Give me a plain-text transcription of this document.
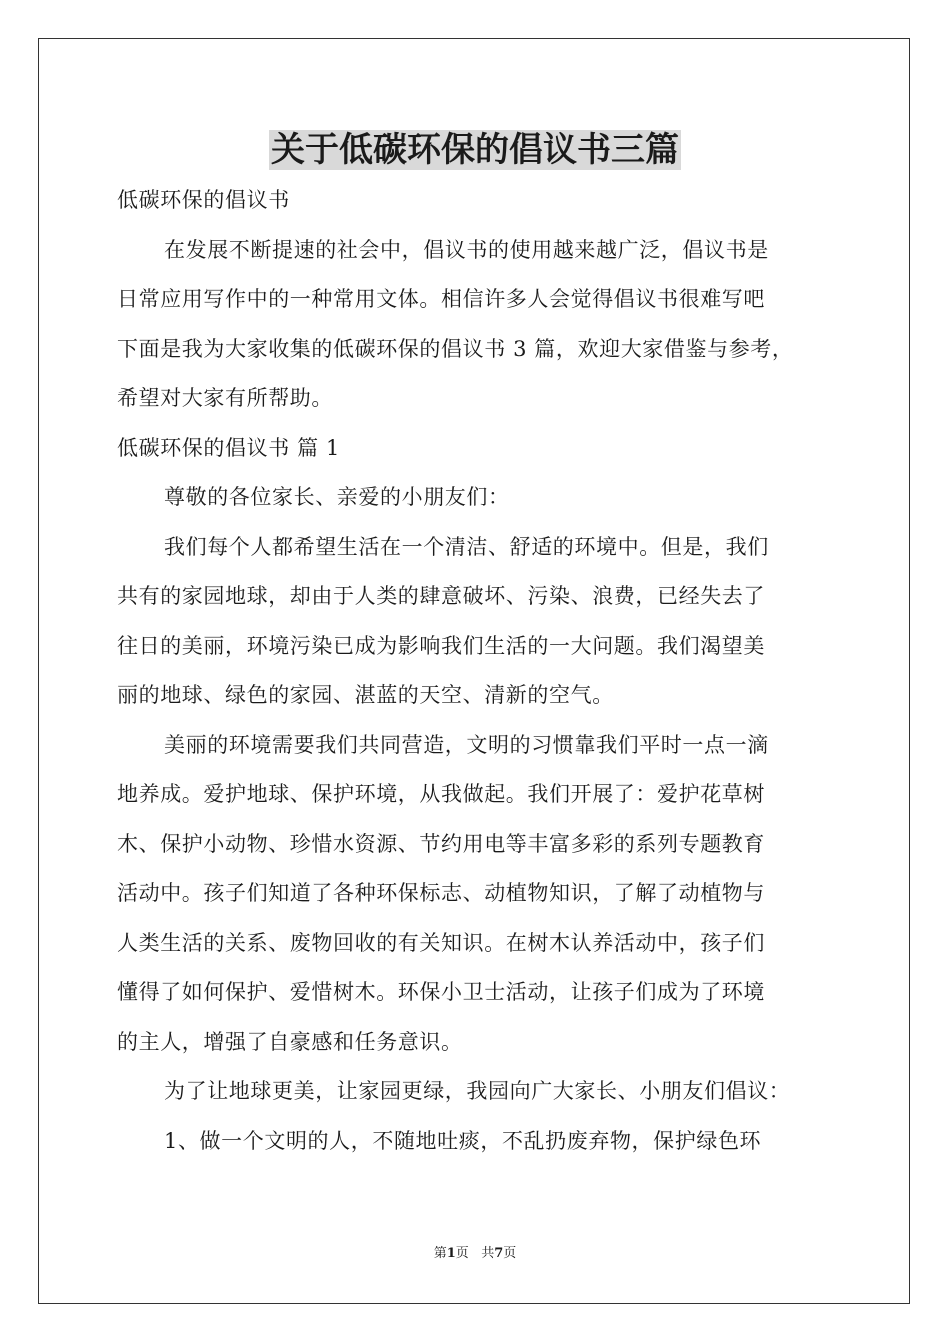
关于低碳环保的倡议书三篇
低碳环保的倡议书
在发展不断提速的社会中，倡议书的使用越来越广泛，倡议书是
日常应用写作中的一种常用文体。相信许多人会觉得倡议书很难写吧
下面是我为大家收集的低碳环保的倡议书 3 篇，欢迎大家借鉴与参考，
希望对大家有所帮助。
低碳环保的倡议书 篇 1
尊敬的各位家长、亲爱的小朋友们：
我们每个人都希望生活在一个清洁、舒适的环境中。但是，我们
共有的家园地球，却由于人类的肆意破坏、污染、浪费，已经失去了
往日的美丽，环境污染已成为影响我们生活的一大问题。我们渴望美
丽的地球、绿色的家园、湛蓝的天空、清新的空气。
美丽的环境需要我们共同营造，文明的习惯靠我们平时一点一滴
地养成。爱护地球、保护环境，从我做起。我们开展了：爱护花草树
木、保护小动物、珍惜水资源、节约用电等丰富多彩的系列专题教育
活动中。孩子们知道了各种环保标志、动植物知识，了解了动植物与
人类生活的关系、废物回收的有关知识。在树木认养活动中，孩子们
懂得了如何保护、爱惜树木。环保小卫士活动，让孩子们成为了环境
的主人，增强了自豪感和任务意识。
为了让地球更美，让家园更绿，我园向广大家长、小朋友们倡议：
1、做一个文明的人，不随地吐痰，不乱扔废弃物，保护绿色环
第1页 共7页
